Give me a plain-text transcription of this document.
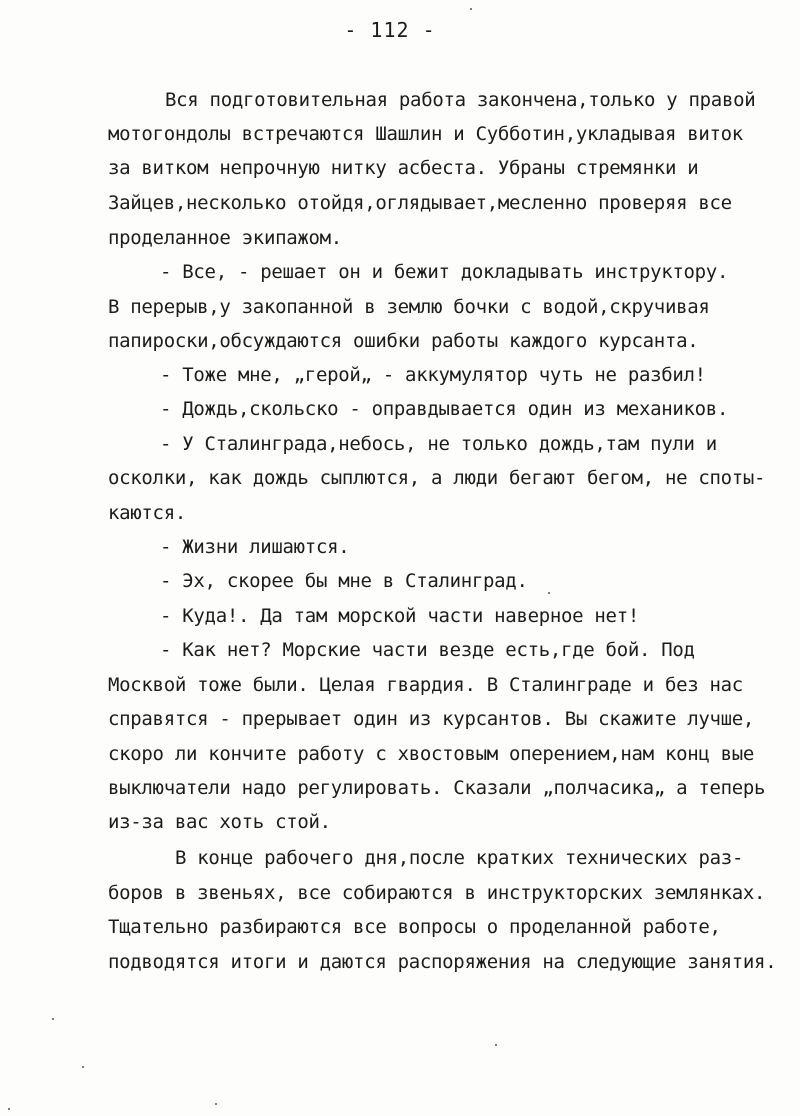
- 112 -
Вся подготовительная работа закончена,только у правой
мотогондолы встречаются Шашлин и Субботин,укладывая виток
за витком непрочную нитку асбеста. Убраны стремянки и
Зайцев,несколько отойдя,оглядывает,месленно проверяя все
проделанное экипажом.
- Все, - решает он и бежит докладывать инструктору.
В перерыв,у закопанной в землю бочки с водой,скручивая
папироски,обсуждаются ошибки работы каждого курсанта.
- Тоже мне, „герой„ - аккумулятор чуть не разбил!
- Дождь,скольско - оправдывается один из механиков.
- У Сталинграда,небось, не только дождь,там пули и
осколки, как дождь сыплются, а люди бегают бегом, не споты-
каются.
- Жизни лишаются.
- Эх, скорее бы мне в Сталинград.
- Куда!. Да там морской части наверное нет!
- Как нет? Морские части везде есть,где бой. Под
Москвой тоже были. Целая гвардия. В Сталинграде и без нас
справятся - прерывает один из курсантов. Вы скажите лучше,
скоро ли кончите работу с хвостовым оперением,нам конц вые
выключатели надо регулировать. Сказали „полчасика„ а теперь
из-за вас хоть стой.
В конце рабочего дня,после кратких технических раз-
боров в звеньях, все собираются в инструкторских землянках.
Тщательно разбираются все вопросы о проделанной работе,
подводятся итоги и даются распоряжения на следующие занятия.
